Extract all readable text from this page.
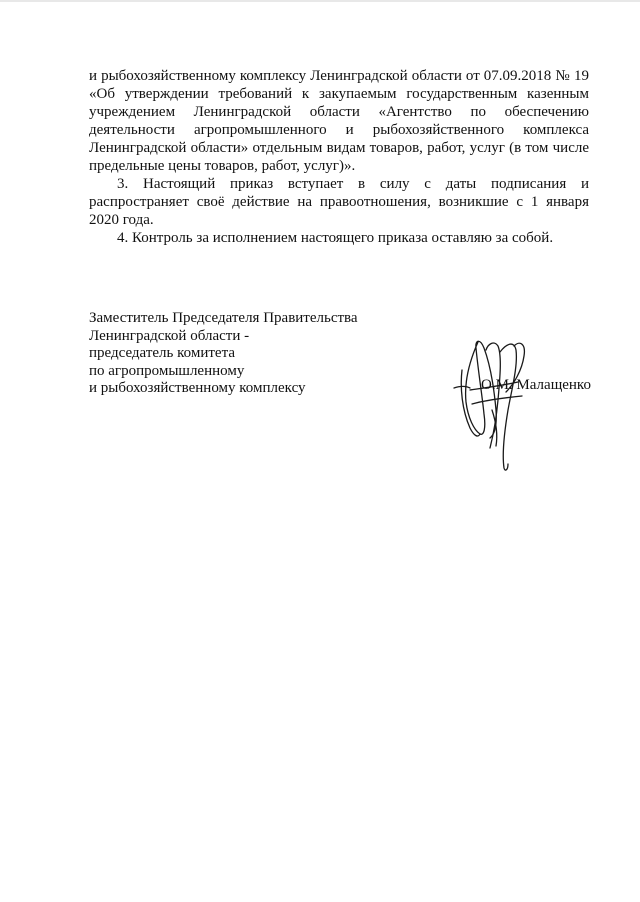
и рыбохозяйственному комплексу Ленинградской области от 07.09.2018 № 19 «Об утверждении требований к закупаемым государственным казенным учреждением Ленинградской области «Агентство по обеспечению деятельности агропромышленного и рыбохозяйственного комплекса Ленинградской области» отдельным видам товаров, работ, услуг (в том числе предельные цены товаров, работ, услуг)».

3. Настоящий приказ вступает в силу с даты подписания и распространяет своё действие на правоотношения, возникшие с 1 января 2020 года.

4. Контроль за исполнением настоящего приказа оставляю за собой.

Заместитель Председателя Правительства
Ленинградской области -
председатель комитета
по агропромышленному
и рыбохозяйственному комплексу	О.М. Малащенко
